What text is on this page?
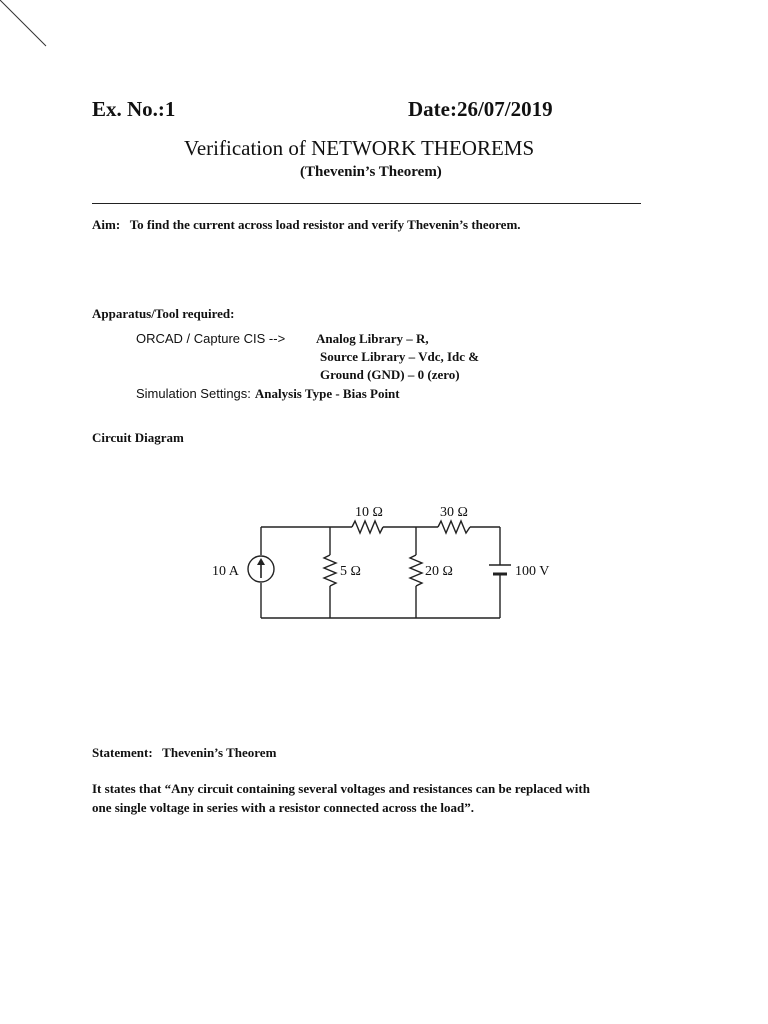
Ex. No.:1	Date:26/07/2019
Verification of NETWORK THEOREMS
(Thevenin’s Theorem)
Aim: To find the current across load resistor and verify Thevenin’s theorem.
Apparatus/Tool required:
ORCAD / Capture CIS --> Analog Library – R,
Source Library – Vdc, Idc &
Ground (GND) – 0 (zero)
Simulation Settings: Analysis Type - Bias Point
Circuit Diagram
10 A
10 Ω	30 Ω
5 Ω	20 Ω	100 V
Statement: Thevenin’s Theorem
It states that “Any circuit containing several voltages and resistances can be replaced with
one single voltage in series with a resistor connected across the load”.
